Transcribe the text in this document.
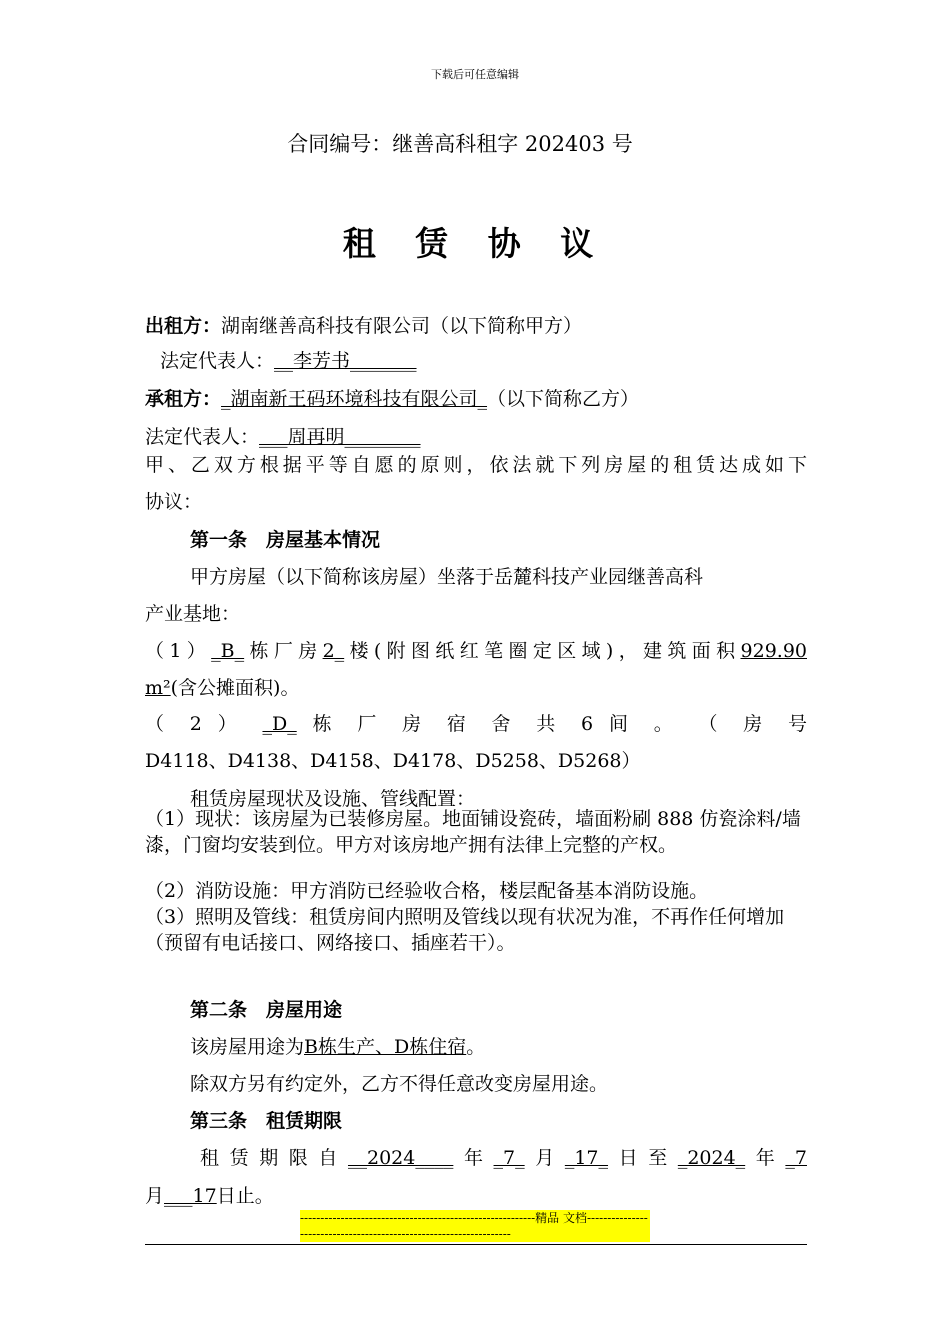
下载后可任意编辑
合同编号：继善高科租字 202403 号
租 赁 协 议
出租方：湖南继善高科技有限公司（以下简称甲方）
法定代表人：__李芳书_______
承租方：_湖南新王码环境科技有限公司_（以下简称乙方）
法定代表人：___周再明________
甲、乙双方根据平等自愿的原则，依法就下列房屋的租赁达成如下
协议：
第一条　房屋基本情况
甲方房屋（以下简称该房屋）坐落于岳麓科技产业园继善高科
产业基地：
（1）_B_栋厂房2_楼(附图纸红笔圈定区域)，建筑面积929.90
m²(含公摊面积)。
（ 2 ） _D_ 栋 厂 房 宿 舍 共 6 间 。 （ 房 号
D4118、D4138、D4158、D4178、D5258、D5268）
租赁房屋现状及设施、管线配置：
（1）现状：该房屋为已装修房屋。地面铺设瓷砖，墙面粉刷 888 仿瓷涂料/墙漆，门窗均安装到位。甲方对该房地产拥有法律上完整的产权。
（2）消防设施：甲方消防已经验收合格，楼层配备基本消防设施。
（3）照明及管线：租赁房间内照明及管线以现有状况为准，不再作任何增加（预留有电话接口、网络接口、插座若干）。
第二条　房屋用途
该房屋用途为B栋生产、D栋住宿。
除双方另有约定外，乙方不得任意改变房屋用途。
第三条　租赁期限
租赁期限自__2024____年_7_月_17_日至_2024_年_7
月___17日止。
----------------------------------------------------------精品 文档-------------------------------------------------------------------
